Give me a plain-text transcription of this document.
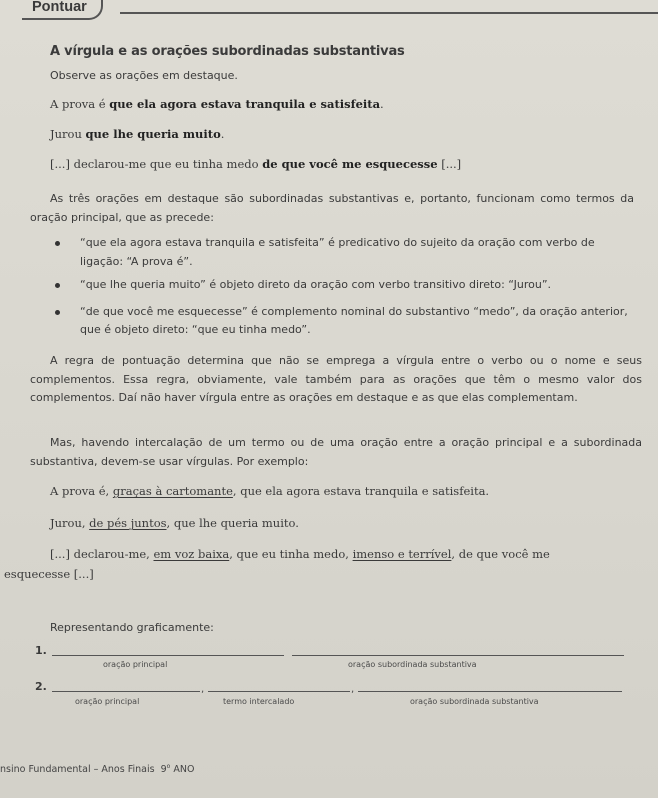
Pontuar
A vírgula e as orações subordinadas substantivas
Observe as orações em destaque.
A prova é que ela agora estava tranquila e satisfeita.
Jurou que lhe queria muito.
[...] declarou-me que eu tinha medo de que você me esquecesse [...]
As três orações em destaque são subordinadas substantivas e, portanto, funcionam como termos da oração principal, que as precede:
“que ela agora estava tranquila e satisfeita” é predicativo do sujeito da oração com verbo de ligação: “A prova é”.
“que lhe queria muito” é objeto direto da oração com verbo transitivo direto: “Jurou”.
“de que você me esquecesse” é complemento nominal do substantivo “medo”, da oração anterior, que é objeto direto: “que eu tinha medo”.
A regra de pontuação determina que não se emprega a vírgula entre o verbo ou o nome e seus complementos. Essa regra, obviamente, vale também para as orações que têm o mesmo valor dos complementos. Daí não haver vírgula entre as orações em destaque e as que elas complementam.
Mas, havendo intercalação de um termo ou de uma oração entre a oração principal e a subordinada substantiva, devem-se usar vírgulas. Por exemplo:
A prova é, graças à cartomante, que ela agora estava tranquila e satisfeita.
Jurou, de pés juntos, que lhe queria muito.
[...] declarou-me, em voz baixa, que eu tinha medo, imenso e terrível, de que você me
esquecesse [...]
Representando graficamente:
1.
oração principal	oração subordinada substantiva
2.	,	,
oração principal	termo intercalado	oração subordinada substantiva
nsino Fundamental – Anos Finais 9$^o$ ANO
